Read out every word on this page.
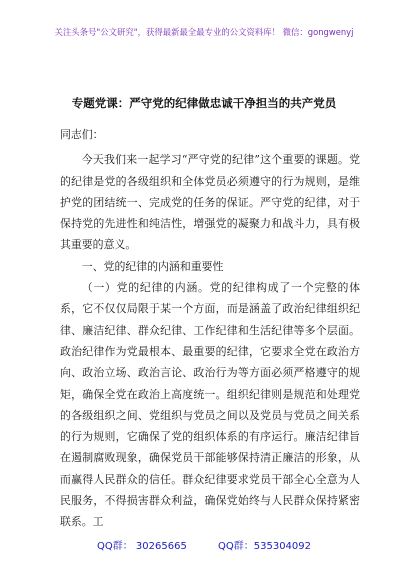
关注头条号"公文研究"，获得最新最全最专业的公文资料库！ 微信：gongwenyj
专题党课：严守党的纪律做忠诚干净担当的共产党员

同志们：

今天我们来一起学习“严守党的纪律”这个重要的课题。党的纪律是党的各级组织和全体党员必须遵守的行为规则，是维护党的团结统一、完成党的任务的保证。严守党的纪律，对于保持党的先进性和纯洁性，增强党的凝聚力和战斗力，具有极其重要的意义。

一、党的纪律的内涵和重要性

（一）党的纪律的内涵。党的纪律构成了一个完整的体系，它不仅仅局限于某一个方面，而是涵盖了政治纪律组织纪律、廉洁纪律、群众纪律、工作纪律和生活纪律等多个层面。政治纪律作为党最根本、最重要的纪律，它要求全党在政治方向、政治立场、政治言论、政治行为等方面必须严格遵守的规矩，确保全党在政治上高度统一。组织纪律则是规范和处理党的各级组织之间、党组织与党员之间以及党员与党员之间关系的行为规则，它确保了党的组织体系的有序运行。廉洁纪律旨在遏制腐败现象，确保党员干部能够保持清正廉洁的形象，从而赢得人民群众的信任。群众纪律要求党员干部全心全意为人民服务，不得损害群众利益，确保党始终与人民群众保持紧密联系。工

QQ群： 30265665	QQ群：535304092
